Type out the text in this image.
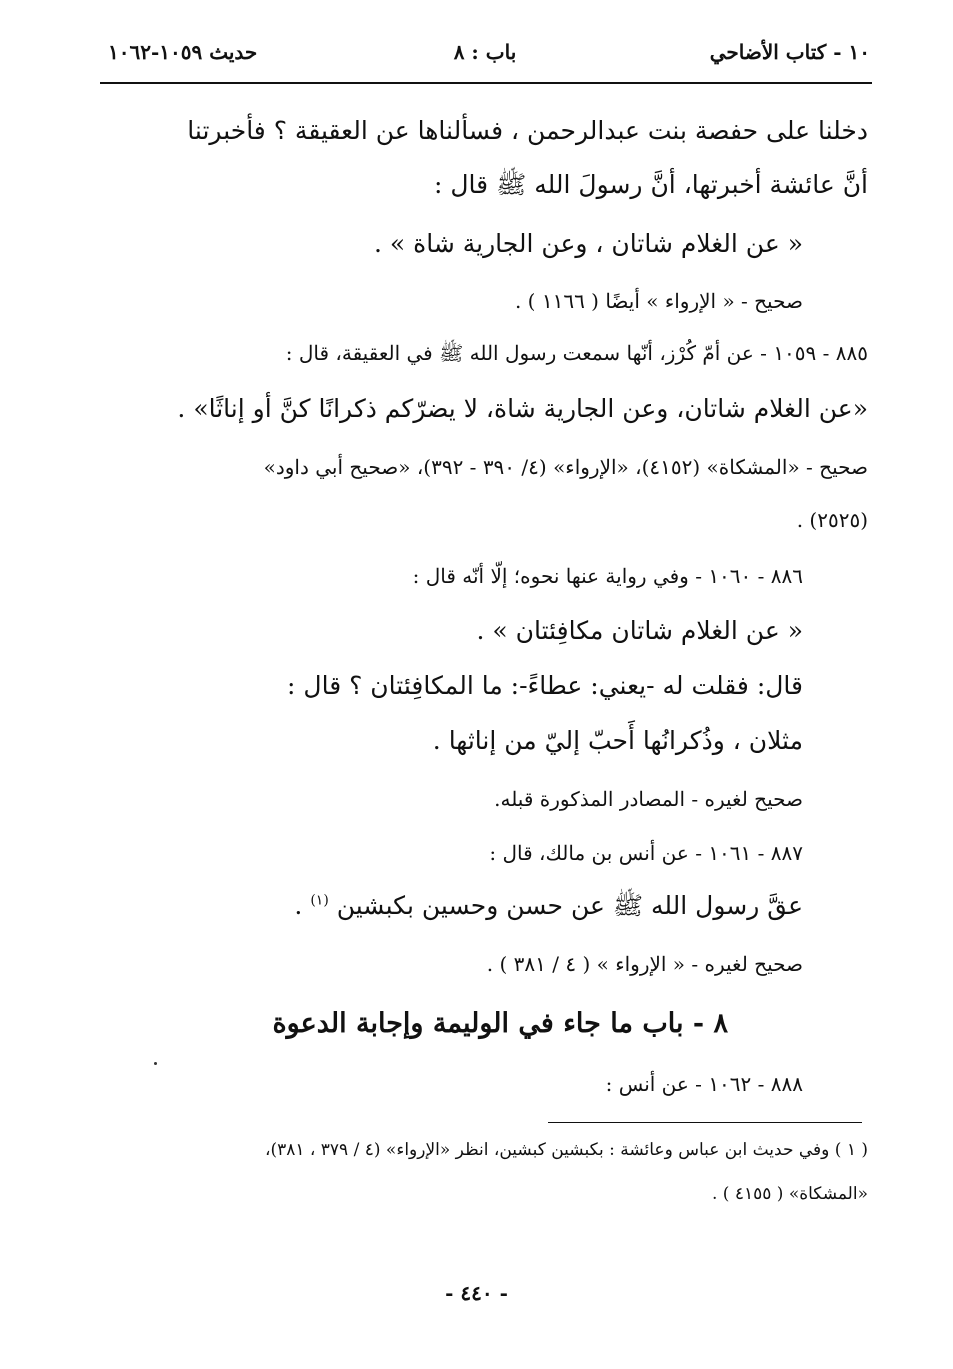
١٠ - كتاب الأضاحي
باب : ٨
حديث ١٠٥٩-١٠٦٢
دخلنا على حفصة بنت عبدالرحمن ، فسألناها عن العقيقة ؟ فأخبرتنا
أنَّ عائشة أخبرتها، أنَّ رسولَ الله ﷺ قال :
« عن الغلام شاتان ، وعن الجارية شاة » .
صحيح - « الإرواء » أيضًا ( ١١٦٦ ) .
٨٨٥ - ١٠٥٩ - عن أمّ كُرْز، أنّها سمعت رسول الله ﷺ في العقيقة، قال :
«عن الغلام شاتان، وعن الجارية شاة، لا يضرّكم ذكرانًا كنَّ أو إناثًا» .
صحيح - «المشكاة» (٤١٥٢)، «الإرواء» (٤/ ٣٩٠ - ٣٩٢)، «صحيح أبي داود»
(٢٥٢٥) .
٨٨٦ - ١٠٦٠ - وفي رواية عنها نحوه؛ إلّا أنّه قال :
« عن الغلام شاتان مكافِئتان » .
قال: فقلت له -يعني: عطاءً-: ما المكافِئتان ؟ قال :
مثلان ، وذُكرانُها أَحبّ إليّ من إناثها .
صحيح لغيره - المصادر المذكورة قبله.
٨٨٧ - ١٠٦١ - عن أنس بن مالك، قال :
عقَّ رسول الله ﷺ عن حسن وحسين بكبشين $^{(١)}$ .
صحيح لغيره - « الإرواء » ( ٤ / ٣٨١ ) .
٨ - باب ما جاء في الوليمة وإجابة الدعوة
٨٨٨ - ١٠٦٢ - عن أنس :
( ١ ) وفي حديث ابن عباس وعائشة : بكبشين كبشين، انظر «الإرواء» (٤ / ٣٧٩ ، ٣٨١)،
«المشكاة» ( ٤١٥٥ ) .
- ٤٤٠ -
